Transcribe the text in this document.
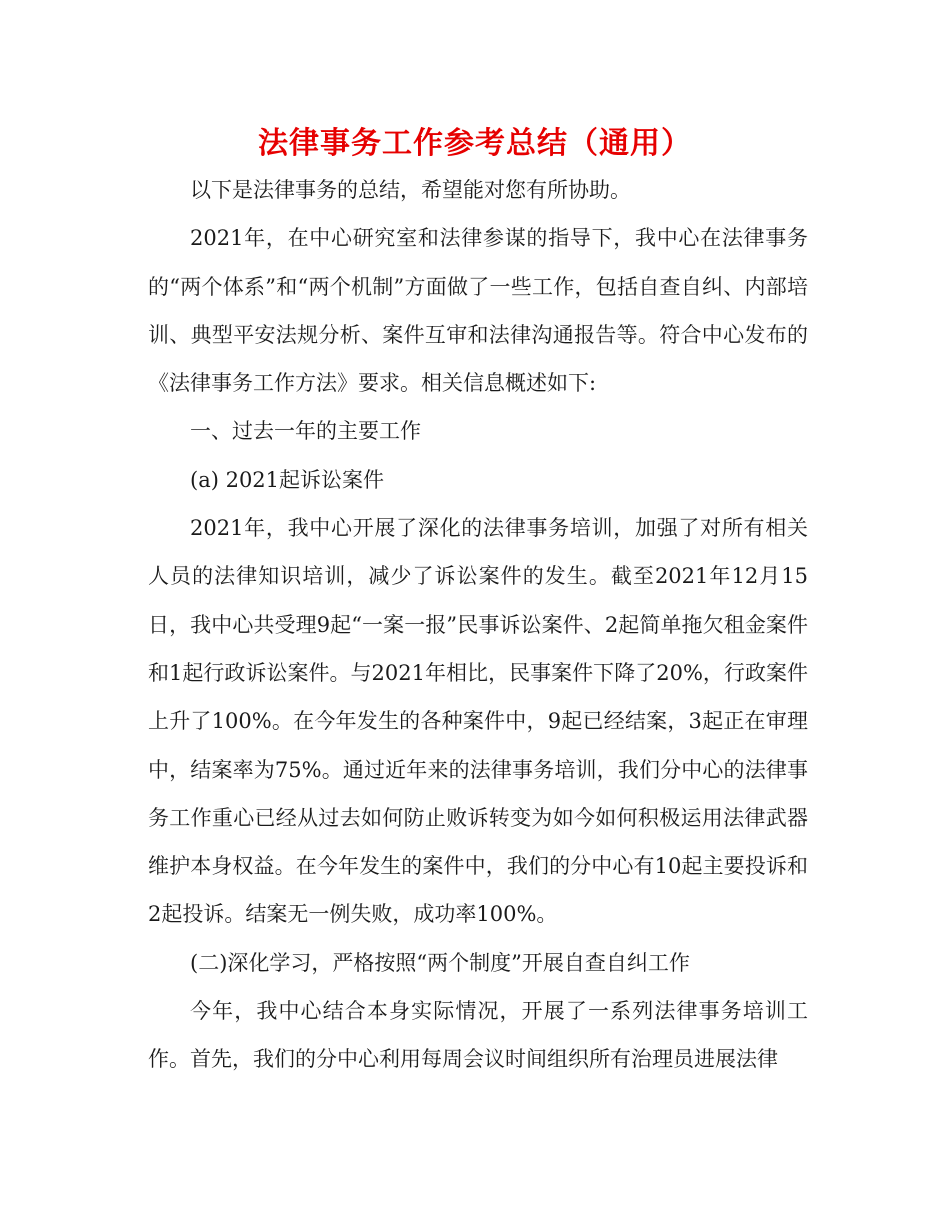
法律事务工作参考总结（通用）

以下是法律事务的总结，希望能对您有所协助。

2021年，在中心研究室和法律参谋的指导下，我中心在法律事务的“两个体系”和“两个机制”方面做了一些工作，包括自查自纠、内部培训、典型平安法规分析、案件互审和法律沟通报告等。符合中心发布的《法律事务工作方法》要求。相关信息概述如下:

一、过去一年的主要工作

(a) 2021起诉讼案件

2021年，我中心开展了深化的法律事务培训，加强了对所有相关人员的法律知识培训，减少了诉讼案件的发生。截至2021年12月15日，我中心共受理9起“一案一报”民事诉讼案件、2起简单拖欠租金案件和1起行政诉讼案件。与2021年相比，民事案件下降了20%，行政案件上升了100%。在今年发生的各种案件中，9起已经结案，3起正在审理中，结案率为75%。通过近年来的法律事务培训，我们分中心的法律事务工作重心已经从过去如何防止败诉转变为如今如何积极运用法律武器维护本身权益。在今年发生的案件中，我们的分中心有10起主要投诉和2起投诉。结案无一例失败，成功率100%。

(二)深化学习，严格按照“两个制度”开展自查自纠工作

今年，我中心结合本身实际情况，开展了一系列法律事务培训工作。首先，我们的分中心利用每周会议时间组织所有治理员进展法律
